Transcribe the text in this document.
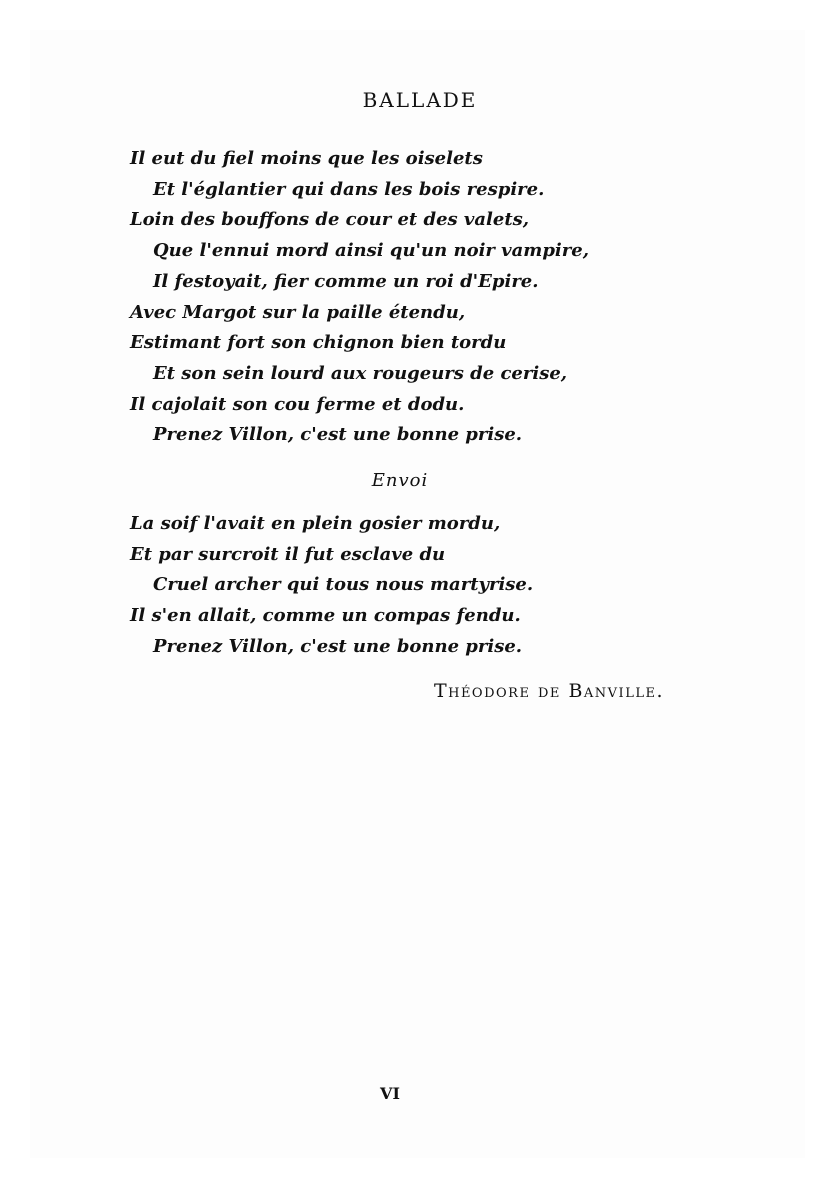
BALLADE
Il eut du fiel moins que les oiselets
Et l'églantier qui dans les bois respire.
Loin des bouffons de cour et des valets,
Que l'ennui mord ainsi qu'un noir vampire,
Il festoyait, fier comme un roi d'Epire.
Avec Margot sur la paille étendu,
Estimant fort son chignon bien tordu
Et son sein lourd aux rougeurs de cerise,
Il cajolait son cou ferme et dodu.
Prenez Villon, c'est une bonne prise.
Envoi
La soif l'avait en plein gosier mordu,
Et par surcroit il fut esclave du
Cruel archer qui tous nous martyrise.
Il s'en allait, comme un compas fendu.
Prenez Villon, c'est une bonne prise.
Théodore de Banville.
VI
